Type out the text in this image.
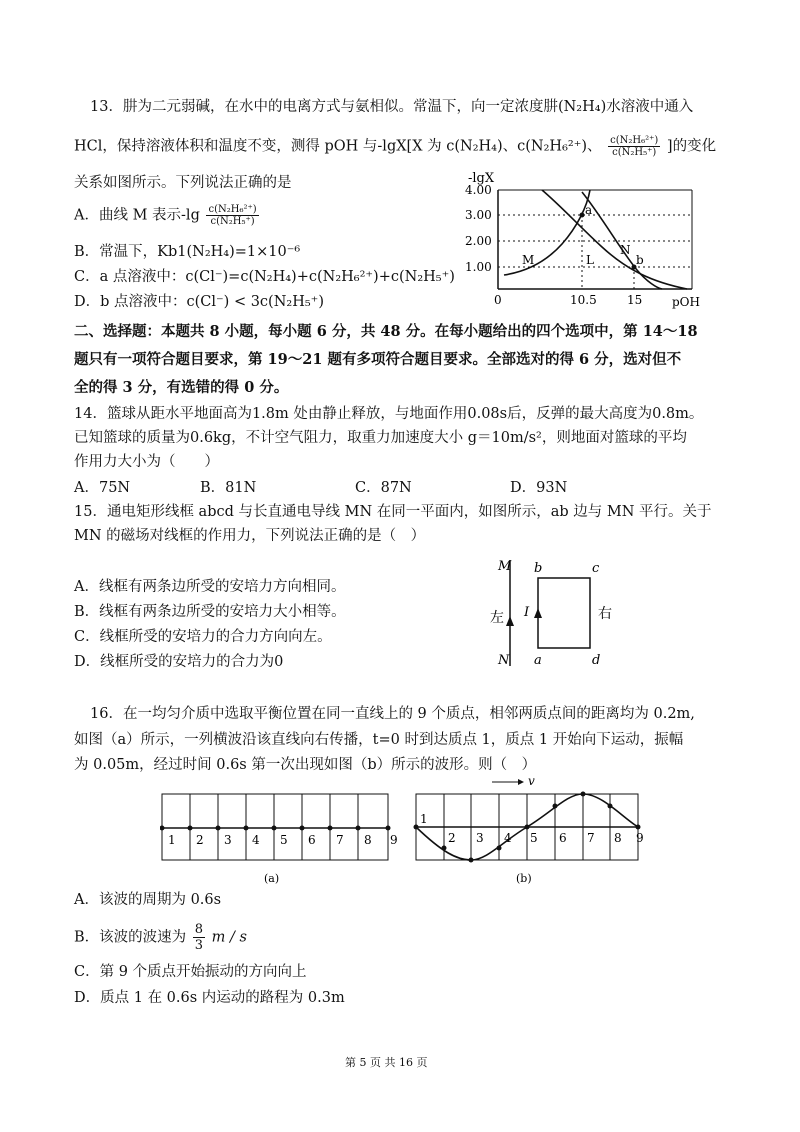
13．肼为二元弱碱，在水中的电离方式与氨相似。常温下，向一定浓度肼(N₂H₄)水溶液中通入
HCl，保持溶液体积和温度不变，测得 pOH 与-lgX[X 为 c(N₂H₄)、c(N₂H₆²⁺)、 $\frac{\text{c(N₂H₆²⁺)}}{\text{c(N₂H₅⁺)}}$ ]的变化
关系如图所示。下列说法正确的是
A．曲线 M 表示$-\lg \frac{\text{c(N₂H₆²⁺)}}{\text{c(N₂H₅⁺)}}$
B．常温下，Kb1(N₂H₄)=1×10⁻⁶
C．a 点溶液中：c(Cl⁻)=c(N₂H₄)+c(N₂H₆²⁺)+c(N₂H₅⁺)
D．b 点溶液中：c(Cl⁻) < 3c(N₂H₅⁺)
-lgX
4.00
3.00
2.00
1.00
0	10.5	15 pOH
M	L
N
a
b
二、选择题：本题共 8 小题，每小题 6 分，共 48 分。在每小题给出的四个选项中，第 14～18
题只有一项符合题目要求，第 19～21 题有多项符合题目要求。全部选对的得 6 分，选对但不
全的得 3 分，有选错的得 0 分。
14．篮球从距水平地面高为1.8m 处由静止释放，与地面作用0.08s后，反弹的最大高度为0.8m。
已知篮球的质量为0.6kg，不计空气阻力，取重力加速度大小 g＝10m/s²，则地面对篮球的平均
作用力大小为（　　）
A．75N	B．81N	C．87N	D．93N
15．通电矩形线框 abcd 与长直通电导线 MN 在同一平面内，如图所示，ab 边与 MN 平行。关于
MN 的磁场对线框的作用力，下列说法正确的是（　）
A．线框有两条边所受的安培力方向相同。
B．线框有两条边所受的安培力大小相等。
C．线框所受的安培力的合力方向向左。
D．线框所受的安培力的合力为0
M
N
I
b	c
a	d
左	右
16．在一均匀介质中选取平衡位置在同一直线上的 9 个质点，相邻两质点间的距离均为 0.2m,
如图（a）所示，一列横波沿该直线向右传播，t=0 时到达质点 1，质点 1 开始向下运动，振幅
为 0.05m，经过时间 0.6s 第一次出现如图（b）所示的波形。则（　）
1 2 3 4 5 6 7 8 9
(a)
v
1
2 3 4 5 6 7 8 9
(b)
A．该波的周期为 0.6s
B．该波的波速为 $\frac{8}{3}$ m / s
C．第 9 个质点开始振动的方向向上
D．质点 1 在 0.6s 内运动的路程为 0.3m
第 5 页 共 16 页
